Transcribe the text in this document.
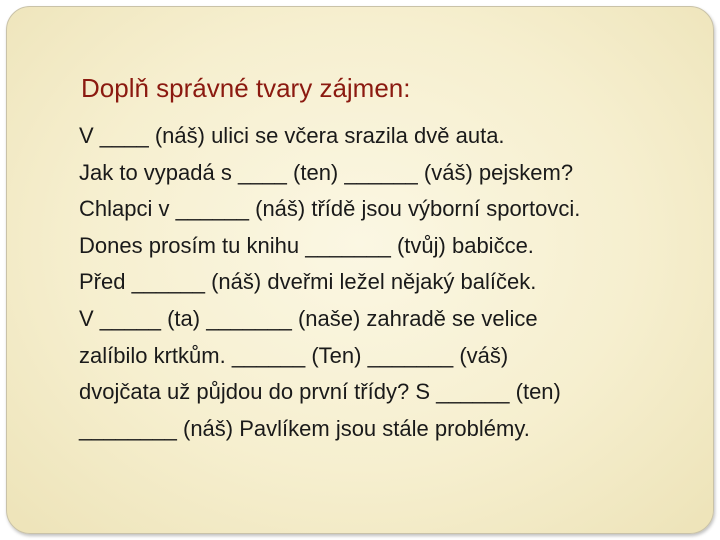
Doplň správné tvary zájmen:
V ____ (náš) ulici se včera srazila dvě auta.
Jak to vypadá s ____ (ten) ______ (váš) pejskem?
Chlapci v ______ (náš) třídě jsou výborní sportovci.
Dones prosím tu knihu _______ (tvůj) babičce.
Před ______ (náš) dveřmi ležel nějaký balíček.
V _____ (ta) _______ (naše) zahradě se velice
zalíbilo krtkům. ______ (Ten) _______ (váš)
dvojčata už půjdou do první třídy? S ______ (ten)
________ (náš) Pavlíkem jsou stále problémy.
